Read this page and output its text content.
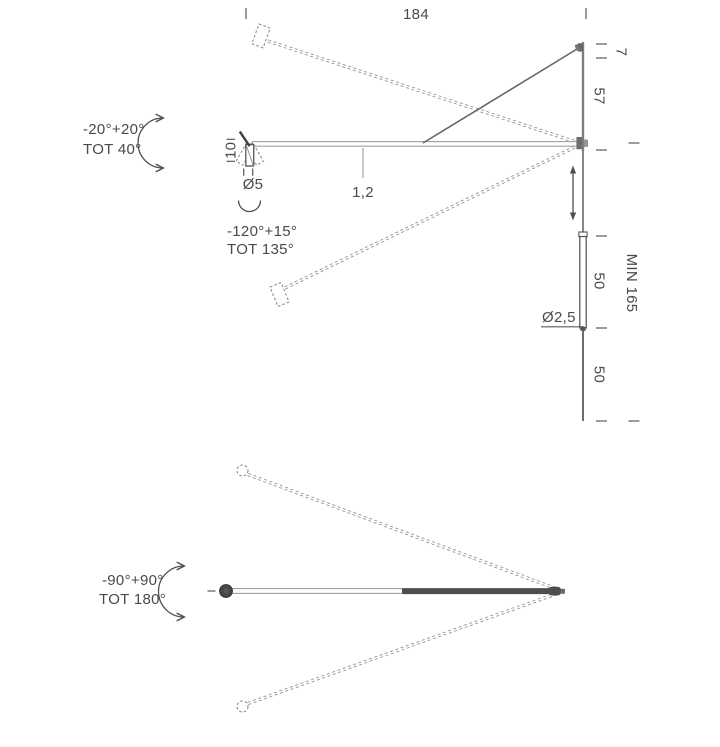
184
7
57
50
50
MIN 165
Ø2,5
10
Ø5	1,2
-20°+20°
TOT 40°
-120°+15°
TOT 135°
-90°+90°
TOT 180°
